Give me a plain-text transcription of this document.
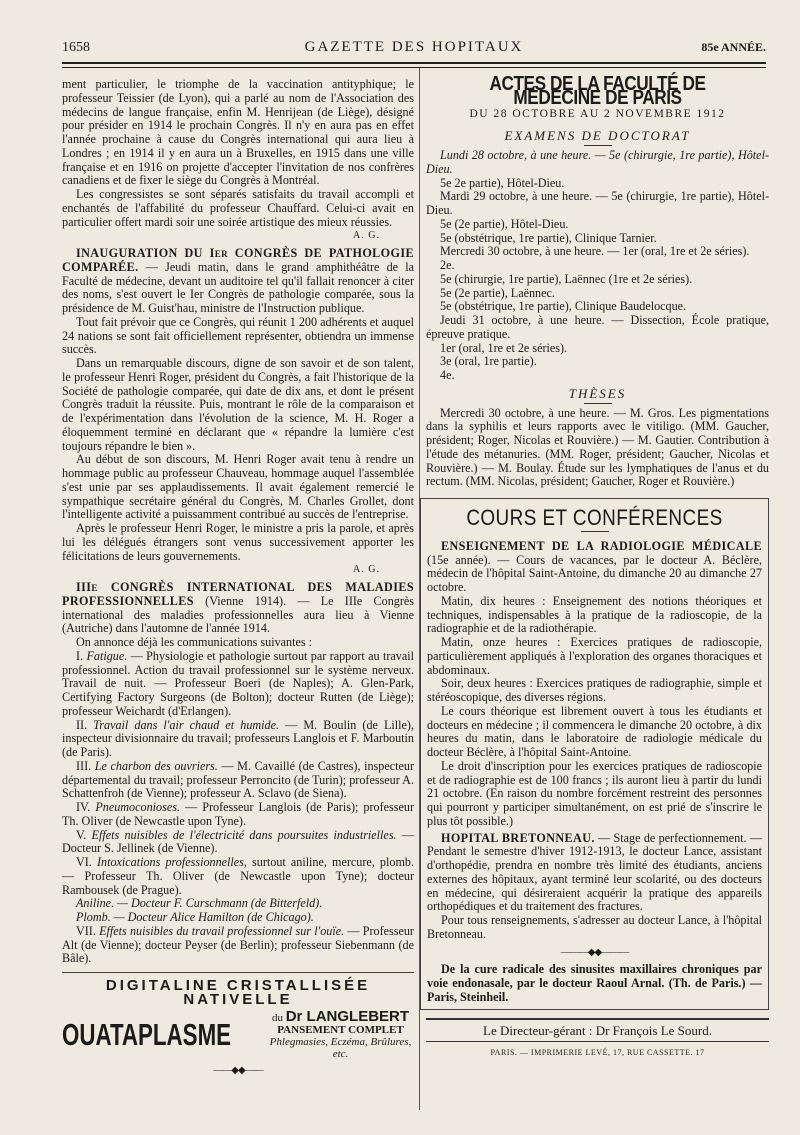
1658	GAZETTE DES HOPITAUX	85e ANNÉE.

ment particulier, le triomphe de la vaccination antityphique; le professeur Teissier (de Lyon), qui a parlé au nom de l'Association des médecins de langue française, enfin M. Henrijean (de Liège), désigné pour présider en 1914 le prochain Congrès. Il n'y en aura pas en effet l'année prochaine à cause du Congrès international qui aura lieu à Londres ; en 1914 il y en aura un à Bruxelles, en 1915 dans une ville française et en 1916 on projette d'accepter l'invitation de nos confrères canadiens et de fixer le siège du Congrès à Montréal.

Les congressistes se sont séparés satisfaits du travail accompli et enchantés de l'affabilité du professeur Chauffard. Celui-ci avait en particulier offert mardi soir une soirée artistique des mieux réussies.

A. G.

INAUGURATION DU Ier CONGRÈS DE PATHOLOGIE COMPARÉE. — Jeudi matin, dans le grand amphithéâtre de la Faculté de médecine, devant un auditoire tel qu'il fallait renoncer à citer des noms, s'est ouvert le Ier Congrès de pathologie comparée, sous la présidence de M. Guist'hau, ministre de l'Instruction publique.

Tout fait prévoir que ce Congrès, qui réunit 1 200 adhérents et auquel 24 nations se sont fait officiellement représenter, obtiendra un immense succès.

Dans un remarquable discours, digne de son savoir et de son talent, le professeur Henri Roger, président du Congrès, a fait l'historique de la Société de pathologie comparée, qui date de dix ans, et dont le présent Congrès traduit la réussite. Puis, montrant le rôle de la comparaison et de l'expérimentation dans l'évolution de la science, M. H. Roger a éloquemment terminé en déclarant que « répandre la lumière c'est toujours répandre le bien ».

Au début de son discours, M. Henri Roger avait tenu à rendre un hommage public au professeur Chauveau, hommage auquel l'assemblée s'est unie par ses applaudissements. Il avait également remercié le sympathique secrétaire général du Congrès, M. Charles Grollet, dont l'intelligente activité a puissamment contribué au succès de l'entreprise.

Après le professeur Henri Roger, le ministre a pris la parole, et après lui les délégués étrangers sont venus successivement apporter les félicitations de leurs gouvernements.

A. G.

IIIe CONGRÈS INTERNATIONAL DES MALADIES PROFESSIONNELLES (Vienne 1914). — Le IIIe Congrès international des maladies professionnelles aura lieu à Vienne (Autriche) dans l'automne de l'année 1914.

On annonce déjà les communications suivantes :

I. Fatigue. — Physiologie et pathologie surtout par rapport au travail professionnel. Action du travail professionnel sur le système nerveux. Travail de nuit. — Professeur Boeri (de Naples); A. Glen-Park, Certifying Factory Surgeons (de Bolton); docteur Rutten (de Liège); professeur Weichardt (d'Erlangen).

II. Travail dans l'air chaud et humide. — M. Boulin (de Lille), inspecteur divisionnaire du travail; professeurs Langlois et F. Marboutin (de Paris).

III. Le charbon des ouvriers. — M. Cavaillé (de Castres), inspecteur départemental du travail; professeur Perroncito (de Turin); professeur A. Schattenfroh (de Vienne); professeur A. Sclavo (de Siena).

IV. Pneumoconioses. — Professeur Langlois (de Paris); professeur Th. Oliver (de Newcastle upon Tyne).

V. Effets nuisibles de l'électricité dans poursuites industrielles. — Docteur S. Jellinek (de Vienne).

VI. Intoxications professionnelles, surtout aniline, mercure, plomb. — Professeur Th. Oliver (de Newcastle upon Tyne); docteur Rambousek (de Prague).

Aniline. — Docteur F. Curschmann (de Bitterfeld).

Plomb. — Docteur Alice Hamilton (de Chicago).

VII. Effets nuisibles du travail professionnel sur l'ouïe. — Professeur Alt (de Vienne); docteur Peyser (de Berlin); professeur Siebenmann (de Bâle).

DIGITALINE CRISTALLISÉE NATIVELLE
OUATAPLASME	du Dr LANGLEBERT
PANSEMENT COMPLET
Phlegmasies, Eczéma, Brûlures, etc.
——◆◆——
ACTES DE LA FACULTÉ DE MÉDECINE DE PARIS
DU 28 OCTOBRE AU 2 NOVEMBRE 1912
EXAMENS DE DOCTORAT

Lundi 28 octobre, à une heure. — 5e (chirurgie, 1re partie), Hôtel-Dieu.

5e 2e partie), Hôtel-Dieu.

Mardi 29 octobre, à une heure. — 5e (chirurgie, 1re partie), Hôtel-Dieu.

5e (2e partie), Hôtel-Dieu.

5e (obstétrique, 1re partie), Clinique Tarnier.

Mercredi 30 octobre, à une heure. — 1er (oral, 1re et 2e séries).

2e.

5e (chirurgie, 1re partie), Laënnec (1re et 2e séries).

5e (2e partie), Laënnec.

5e (obstétrique, 1re partie), Clinique Baudelocque.

Jeudi 31 octobre, à une heure. — Dissection, École pratique, épreuve pratique.

1er (oral, 1re et 2e séries).

3e (oral, 1re partie).

4e.

THÈSES

Mercredi 30 octobre, à une heure. — M. Gros. Les pigmentations dans la syphilis et leurs rapports avec le vitiligo. (MM. Gaucher, président; Roger, Nicolas et Rouvière.) — M. Gautier. Contribution à l'étude des métanuries. (MM. Roger, président; Gaucher, Nicolas et Rouvière.) — M. Boulay. Étude sur les lymphatiques de l'anus et du rectum. (MM. Nicolas, président; Gaucher, Roger et Rouvière.)

COURS ET CONFÉRENCES

ENSEIGNEMENT DE LA RADIOLOGIE MÉDICALE (15e année). — Cours de vacances, par le docteur A. Béclère, médecin de l'hôpital Saint-Antoine, du dimanche 20 au dimanche 27 octobre.

Matin, dix heures : Enseignement des notions théoriques et techniques, indispensables à la pratique de la radioscopie, de la radiographie et de la radiothérapie.

Matin, onze heures : Exercices pratiques de radioscopie, particulièrement appliqués à l'exploration des organes thoraciques et abdominaux.

Soir, deux heures : Exercices pratiques de radiographie, simple et stéréoscopique, des diverses régions.

Le cours théorique est librement ouvert à tous les étudiants et docteurs en médecine ; il commencera le dimanche 20 octobre, à dix heures du matin, dans le laboratoire de radiologie médicale du docteur Béclère, à l'hôpital Saint-Antoine.

Le droit d'inscription pour les exercices pratiques de radioscopie et de radiographie est de 100 francs ; ils auront lieu à partir du lundi 21 octobre. (En raison du nombre forcément restreint des personnes qui pourront y participer simultanément, on est prié de s'inscrire le plus tôt possible.)

HOPITAL BRETONNEAU. — Stage de perfectionnement. — Pendant le semestre d'hiver 1912-1913, le docteur Lance, assistant d'orthopédie, prendra en nombre très limité des étudiants, anciens externes des hôpitaux, ayant terminé leur scolarité, ou des docteurs en médecine, qui désireraient acquérir la pratique des appareils orthopédiques et du traitement des fractures.

Pour tous renseignements, s'adresser au docteur Lance, à l'hôpital Bretonneau.

———◆◆———

De la cure radicale des sinusites maxillaires chroniques par voie endonasale, par le docteur Raoul Arnal. (Th. de Paris.) — Paris, Steinheil.

Le Directeur-gérant : Dr François Le Sourd.
PARIS. — IMPRIMERIE LEVÉ, 17, RUE CASSETTE. 17
